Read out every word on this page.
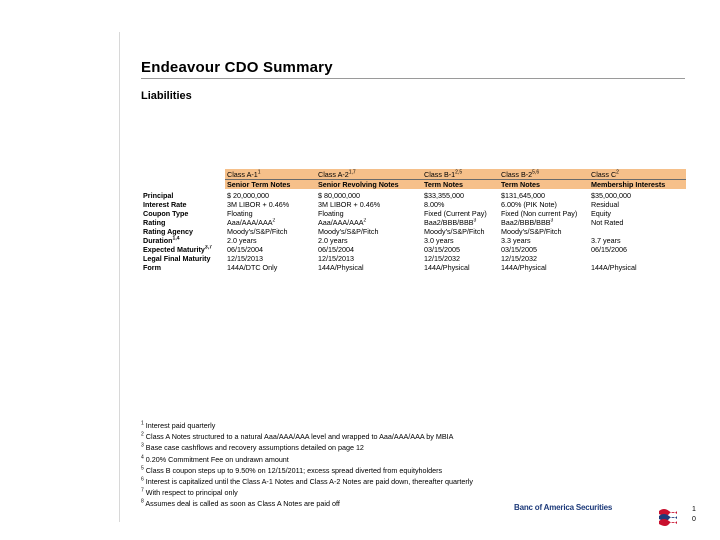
Endeavour CDO Summary
Liabilities
	Class $A-1^1$	Class A-2$^{1,7}$	Class B-1$^{2,5}$	Class B-2$^{5,6}$	Class $C^2$
	Senior Term Notes	Senior Revolving Notes	Term Notes	Term Notes	Membership Interests
Principal	$ 20,000,000	$ 80,000,000	$33,355,000	$131,645,000	$35,000,000
Interest Rate	3M LIBOR + 0.46%	3M LIBOR + 0.46%	8.00%	6.00% (PIK Note)	Residual
Coupon Type	Floating	Floating	Fixed (Current Pay)	Fixed (Non current Pay)	Equity
Rating	Aaa/AAA/AAA$^2$	Aaa/AAA/AAA$^2$	Baa2/BBB/BBB$^3$	Baa2/BBB/BBB$^3$	Not Rated
Rating Agency	Moody's/S&P/Fitch	Moody's/S&P/Fitch	Moody's/S&P/Fitch	Moody's/S&P/Fitch	
Duration$^{1,4}$	2.0 years	2.0 years	3.0 years	3.3 years	3.7 years
Expected Maturity$^{3,7}$	06/15/2004	06/15/2004	03/15/2005	03/15/2005	06/15/2006
Legal Final Maturity	12/15/2013	12/15/2013	12/15/2032	12/15/2032	
Form	144A/DTC Only	144A/Physical	144A/Physical	144A/Physical	144A/Physical
$^1$ Interest paid quarterly
$^2$ Class A Notes structured to a natural Aaa/AAA/AAA level and wrapped to Aaa/AAA/AAA by MBIA
$^3$ Base case cashflows and recovery assumptions detailed on page 12
$^4$ 0.20% Commitment Fee on undrawn amount
$^5$ Class B coupon steps up to 9.50% on 12/15/2011; excess spread diverted from equityholders
$^6$ Interest is capitalized until the Class A-1 Notes and Class A-2 Notes are paid down, thereafter quarterly
$^7$ With respect to principal only
$^8$ Assumes deal is called as soon as Class A Notes are paid off	Banc of America Securities	1
0
